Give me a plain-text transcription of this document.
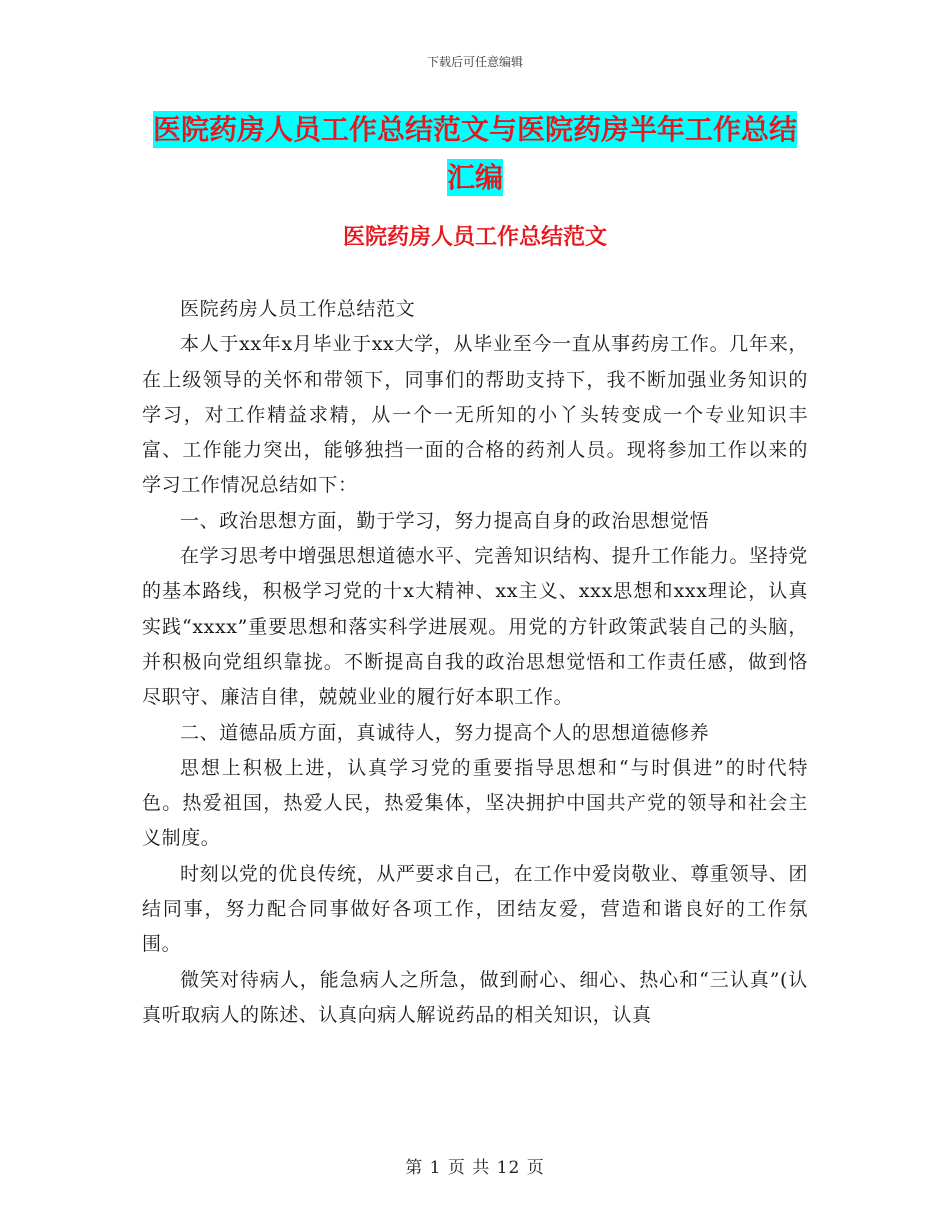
下载后可任意编辑
医院药房人员工作总结范文与医院药房半年工作总结
汇编
医院药房人员工作总结范文

医院药房人员工作总结范文

本人于xx年x月毕业于xx大学，从毕业至今一直从事药房工作。几年来，在上级领导的关怀和带领下，同事们的帮助支持下，我不断加强业务知识的学习，对工作精益求精，从一个一无所知的小丫头转变成一个专业知识丰富、工作能力突出，能够独挡一面的合格的药剂人员。现将参加工作以来的学习工作情况总结如下：

一、政治思想方面，勤于学习，努力提高自身的政治思想觉悟

在学习思考中增强思想道德水平、完善知识结构、提升工作能力。坚持党的基本路线，积极学习党的十x大精神、xx主义、xxx思想和xxx理论，认真实践“xxxx”重要思想和落实科学进展观。用党的方针政策武装自己的头脑，并积极向党组织靠拢。不断提高自我的政治思想觉悟和工作责任感，做到恪尽职守、廉洁自律，兢兢业业的履行好本职工作。

二、道德品质方面，真诚待人，努力提高个人的思想道德修养

思想上积极上进，认真学习党的重要指导思想和“与时俱进”的时代特色。热爱祖国，热爱人民，热爱集体，坚决拥护中国共产党的领导和社会主义制度。

时刻以党的优良传统，从严要求自己，在工作中爱岗敬业、尊重领导、团结同事，努力配合同事做好各项工作，团结友爱，营造和谐良好的工作氛围。

微笑对待病人，能急病人之所急，做到耐心、细心、热心和“三认真”(认真听取病人的陈述、认真向病人解说药品的相关知识，认真

第 1 页 共 12 页
